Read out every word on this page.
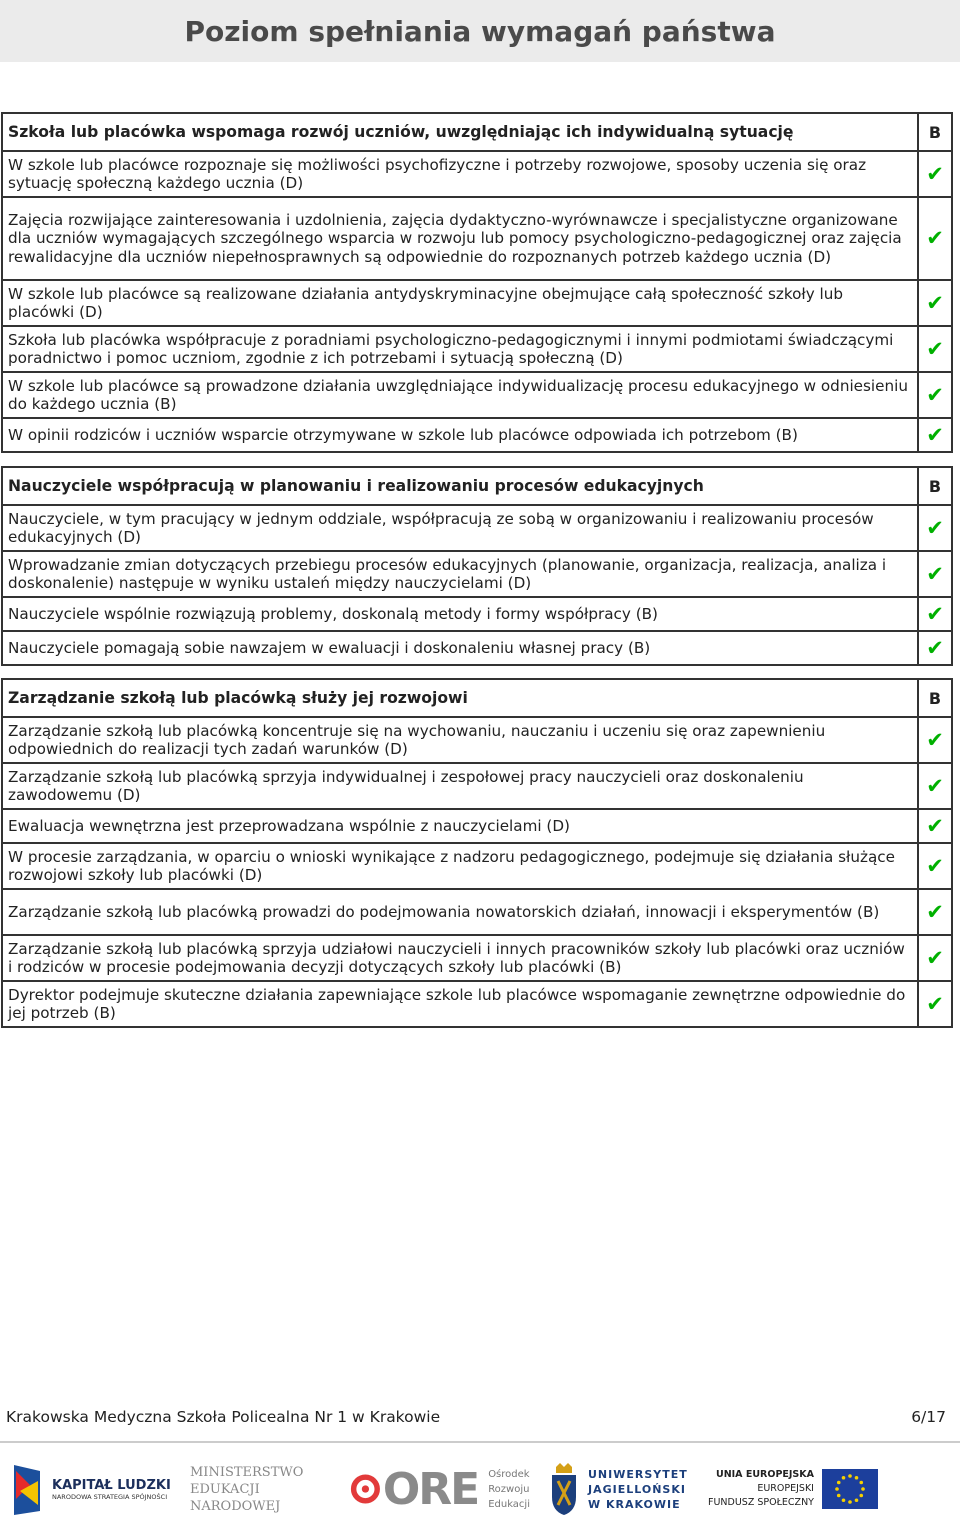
Poziom spełniania wymagań państwa
Szkoła lub placówka wspomaga rozwój uczniów, uwzględniając ich indywidualną sytuację	B
W szkole lub placówce rozpoznaje się możliwości psychofizyczne i potrzeby rozwojowe, sposoby uczenia się oraz sytuację społeczną każdego ucznia (D)	✔
Zajęcia rozwijające zainteresowania i uzdolnienia, zajęcia dydaktyczno-wyrównawcze i specjalistyczne organizowane dla uczniów wymagających szczególnego wsparcia w rozwoju lub pomocy psychologiczno-pedagogicznej oraz zajęcia rewalidacyjne dla uczniów niepełnosprawnych są odpowiednie do rozpoznanych potrzeb każdego ucznia (D)	✔
W szkole lub placówce są realizowane działania antydyskryminacyjne obejmujące całą społeczność szkoły lub placówki (D)	✔
Szkoła lub placówka współpracuje z poradniami psychologiczno-pedagogicznymi i innymi podmiotami świadczącymi poradnictwo i pomoc uczniom, zgodnie z ich potrzebami i sytuacją społeczną (D)	✔
W szkole lub placówce są prowadzone działania uwzględniające indywidualizację procesu edukacyjnego w odniesieniu do każdego ucznia (B)	✔
W opinii rodziców i uczniów wsparcie otrzymywane w szkole lub placówce odpowiada ich potrzebom (B)	✔
Nauczyciele współpracują w planowaniu i realizowaniu procesów edukacyjnych	B
Nauczyciele, w tym pracujący w jednym oddziale, współpracują ze sobą w organizowaniu i realizowaniu procesów edukacyjnych (D)	✔
Wprowadzanie zmian dotyczących przebiegu procesów edukacyjnych (planowanie, organizacja, realizacja, analiza i doskonalenie) następuje w wyniku ustaleń między nauczycielami (D)	✔
Nauczyciele wspólnie rozwiązują problemy, doskonalą metody i formy współpracy (B)	✔
Nauczyciele pomagają sobie nawzajem w ewaluacji i doskonaleniu własnej pracy (B)	✔
Zarządzanie szkołą lub placówką służy jej rozwojowi	B
Zarządzanie szkołą lub placówką koncentruje się na wychowaniu, nauczaniu i uczeniu się oraz zapewnieniu odpowiednich do realizacji tych zadań warunków (D)	✔
Zarządzanie szkołą lub placówką sprzyja indywidualnej i zespołowej pracy nauczycieli oraz doskonaleniu zawodowemu (D)	✔
Ewaluacja wewnętrzna jest przeprowadzana wspólnie z nauczycielami (D)	✔
W procesie zarządzania, w oparciu o wnioski wynikające z nadzoru pedagogicznego, podejmuje się działania służące rozwojowi szkoły lub placówki (D)	✔
Zarządzanie szkołą lub placówką prowadzi do podejmowania nowatorskich działań, innowacji i eksperymentów (B)	✔
Zarządzanie szkołą lub placówką sprzyja udziałowi nauczycieli i innych pracowników szkoły lub placówki oraz uczniów i rodziców w procesie podejmowania decyzji dotyczących szkoły lub placówki (B)	✔
Dyrektor podejmuje skuteczne działania zapewniające szkole lub placówce wspomaganie zewnętrzne odpowiednie do jej potrzeb (B)	✔
Krakowska Medyczna Szkoła Policealna Nr 1 w Krakowie	6/17
KAPITAŁ LUDZKI
NARODOWA STRATEGIA SPÓJNOŚCI
MINISTERSTWO
EDUKACJI
NARODOWEJ	ORE Ośrodek
Rozwoju
Edukacji
UNIWERSYTET
JAGIELLOŃSKI
W KRAKOWIE
UNIA EUROPEJSKA
EUROPEJSKI
FUNDUSZ SPOŁECZNY
